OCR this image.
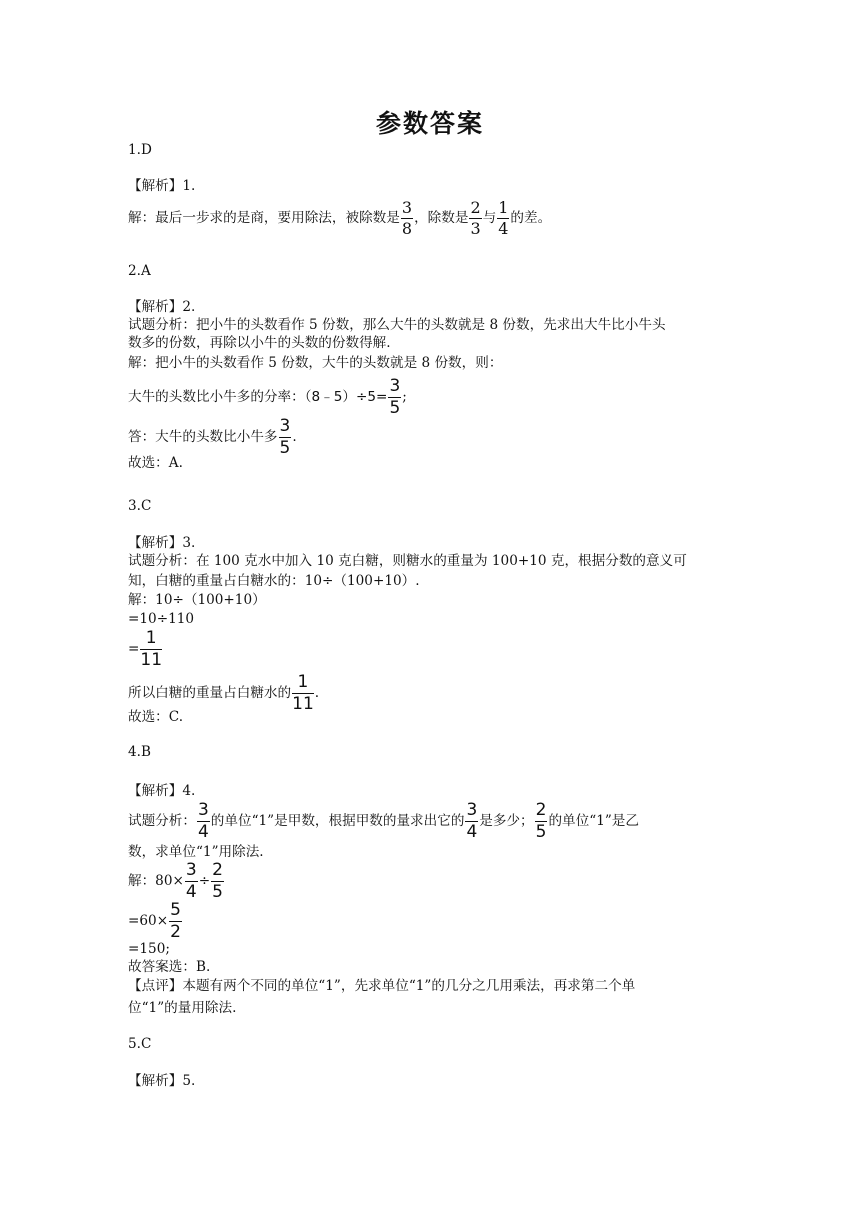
参数答案
1.D
【解析】1.
解：最后一步求的是商，要用除法，被除数是 $\frac{3}{8}$ ，除数是 $\frac{2}{3}$ 与 $\frac{1}{4}$ 的差。
2.A
【解析】2.
试题分析：把小牛的头数看作 5 份数，那么大牛的头数就是 8 份数，先求出大牛比小牛头
数多的份数，再除以小牛的头数的份数得解.
解：把小牛的头数看作 5 份数，大牛的头数就是 8 份数，则：
大牛的头数比小牛多的分率：（8﹣5）÷5= $\frac{3}{5}$ ;
答：大牛的头数比小牛多 $\frac{3}{5}$ .
故选：A.
3.C
【解析】3.
试题分析：在 100 克水中加入 10 克白糖，则糖水的重量为 100+10 克，根据分数的意义可
知，白糖的重量占白糖水的：10÷（100+10）.
解：10÷（100+10）
=10÷110
= $\frac{1}{11}$
所以白糖的重量占白糖水的 $\frac{1}{11}$ .
故选：C.
4.B
【解析】4.
试题分析： $\frac{3}{4}$ 的单位“1”是甲数，根据甲数的量求出它的 $\frac{3}{4}$ 是多少； $\frac{2}{5}$ 的单位“1”是乙
数，求单位“1”用除法.
解：$80\times \frac{3}{4} \div \frac{2}{5}$
$=60\times \frac{5}{2}$
=150;
故答案选：B.
【点评】本题有两个不同的单位“1”，先求单位“1”的几分之几用乘法，再求第二个单
位“1”的量用除法.
5.C
【解析】5.
